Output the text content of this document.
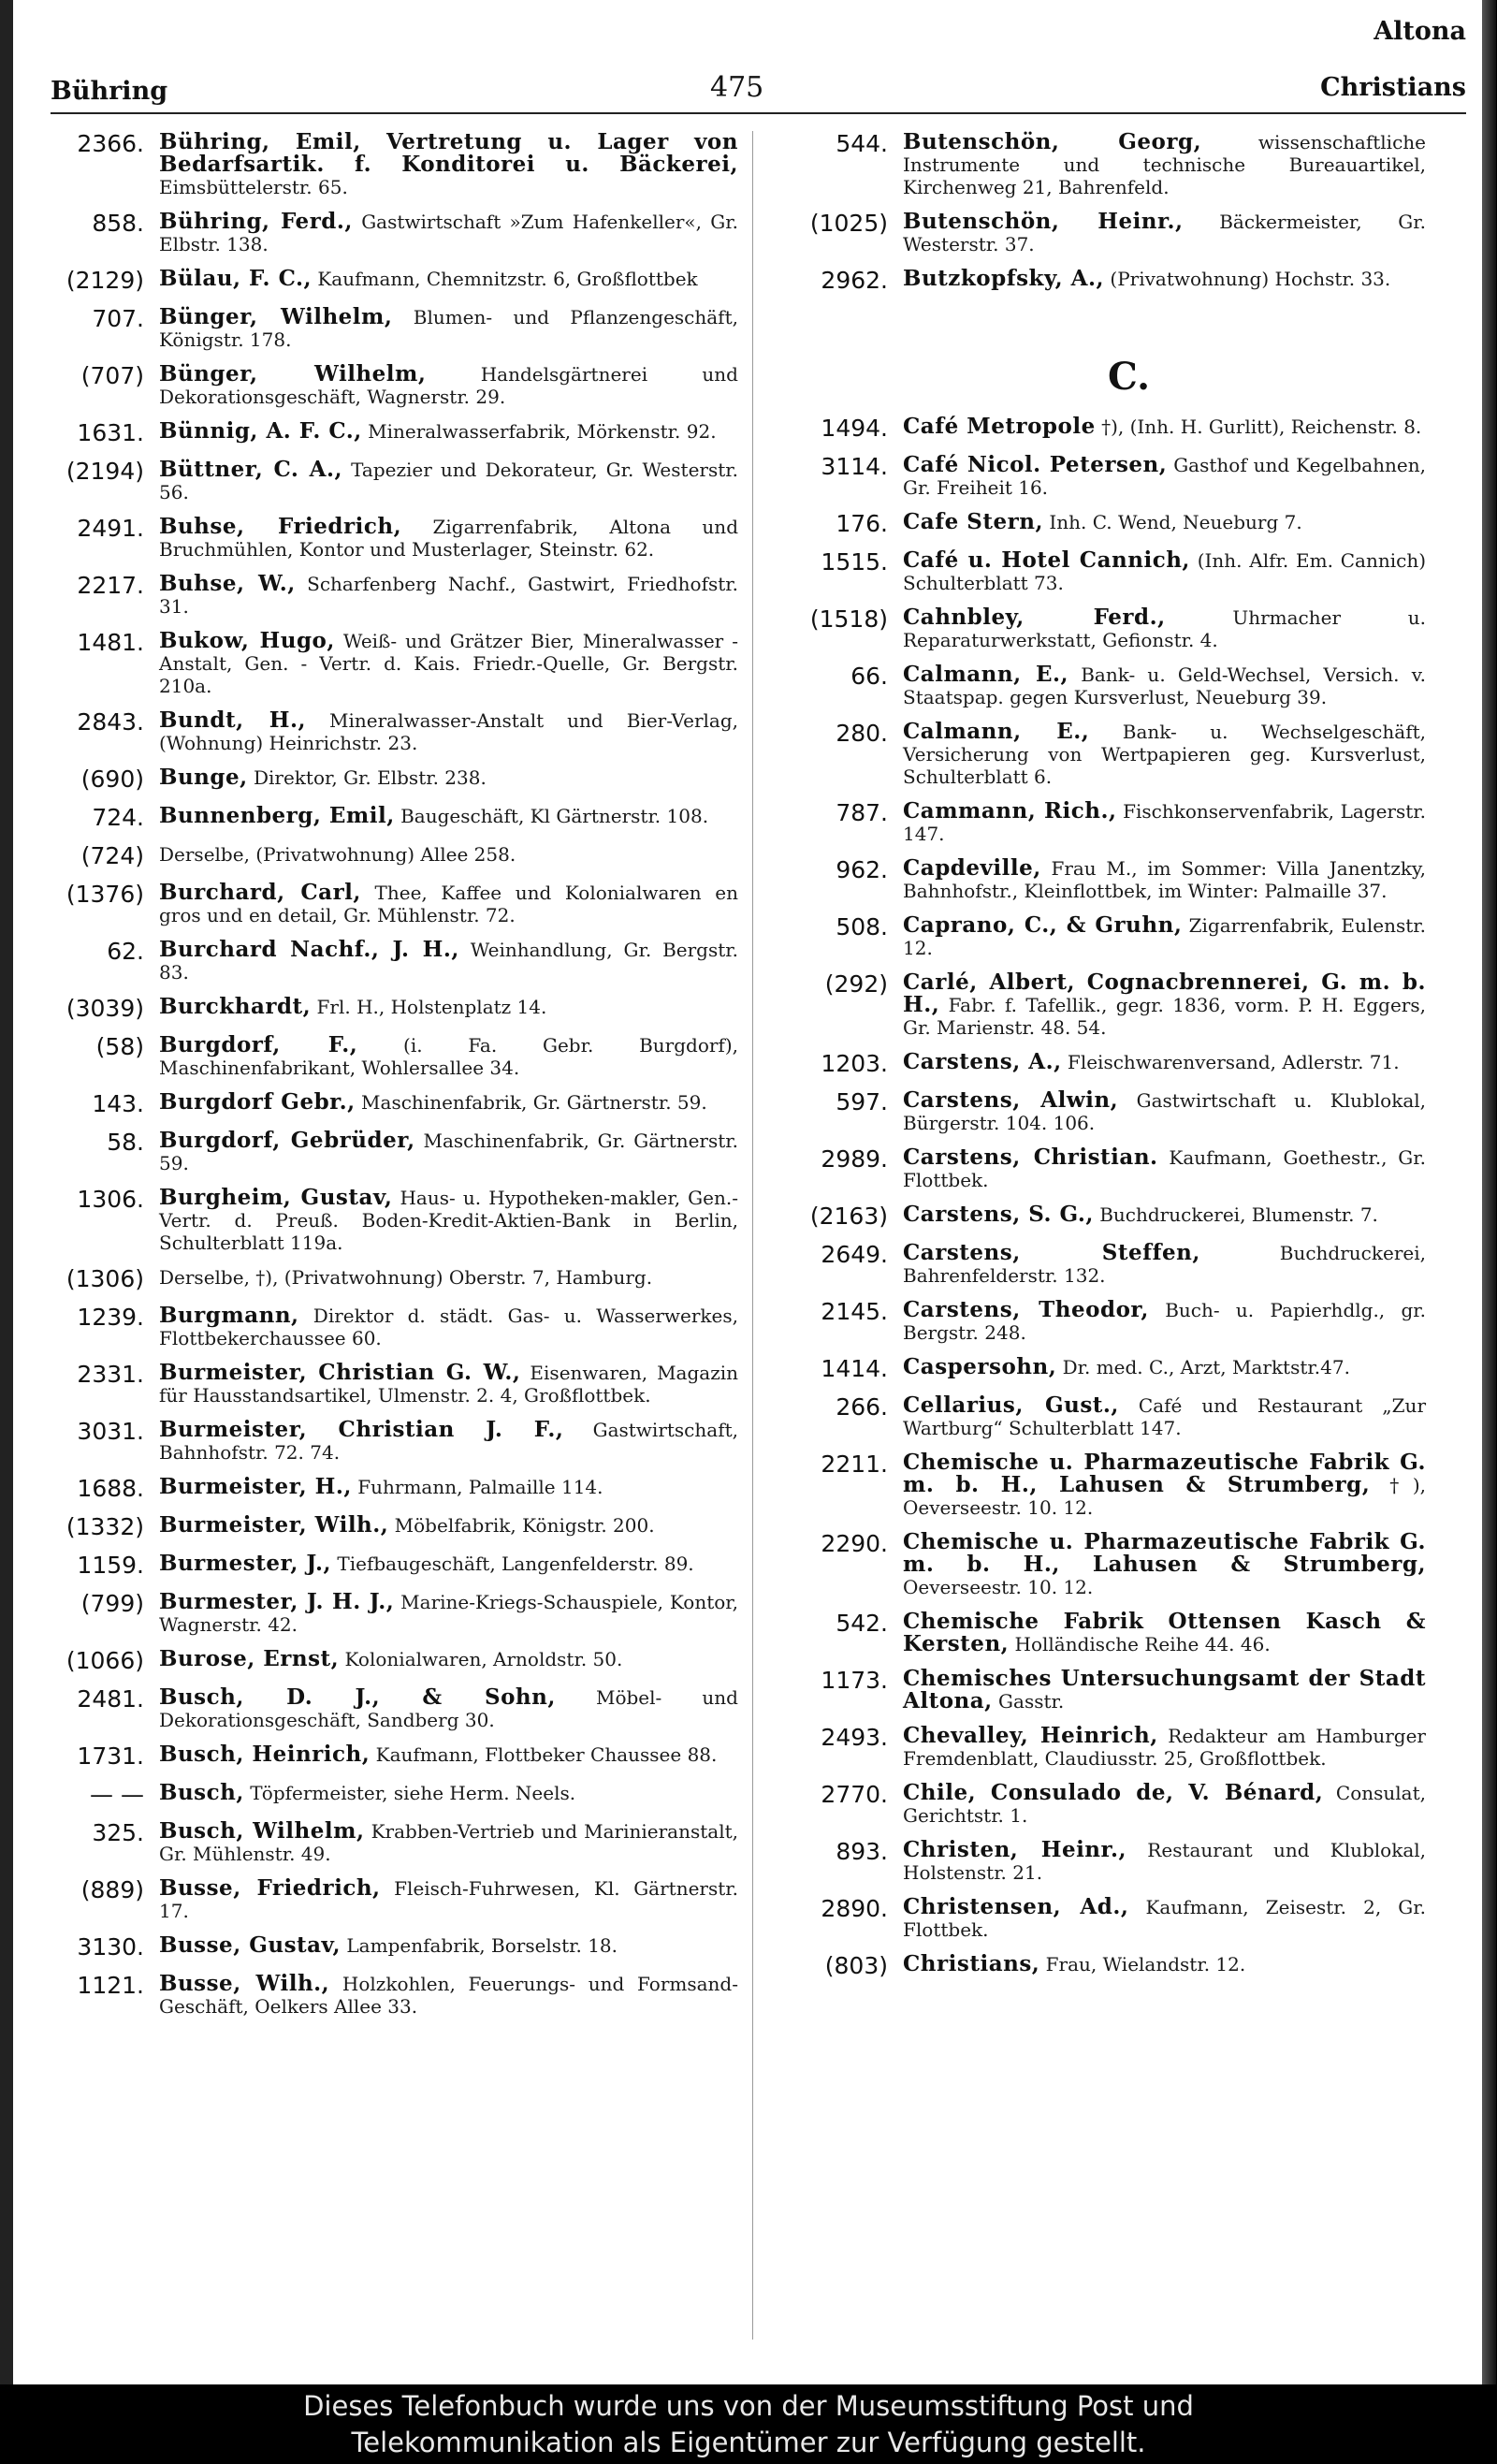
Bühring	475
Altona
Christians
2366. Bühring, Emil, Vertretung u. Lager von Bedarfsartik. f. Konditorei u. Bäckerei, Eimsbüttelerstr. 65.
858. Bühring, Ferd., Gastwirtschaft »Zum Hafenkeller«, Gr. Elbstr. 138.
(2129) Bülau, F. C., Kaufmann, Chemnitzstr. 6, Großflottbek
707. Bünger, Wilhelm, Blumen- und Pflanzengeschäft, Königstr. 178.
(707) Bünger, Wilhelm, Handelsgärtnerei und Dekorationsgeschäft, Wagnerstr. 29.
1631. Bünnig, A. F. C., Mineralwasserfabrik, Mörkenstr. 92.
(2194) Büttner, C. A., Tapezier und Dekorateur, Gr. Westerstr. 56.
2491. Buhse, Friedrich, Zigarrenfabrik, Altona und Bruchmühlen, Kontor und Musterlager, Steinstr. 62.
2217. Buhse, W., Scharfenberg Nachf., Gastwirt, Friedhofstr. 31.
1481. Bukow, Hugo, Weiß- und Grätzer Bier, Mineralwasser - Anstalt, Gen. - Vertr. d. Kais. Friedr.-Quelle, Gr. Bergstr. 210a.
2843. Bundt, H., Mineralwasser-Anstalt und Bier-Verlag, (Wohnung) Heinrichstr. 23.
(690) Bunge, Direktor, Gr. Elbstr. 238.
724. Bunnenberg, Emil, Baugeschäft, Kl Gärtnerstr. 108.
(724) Derselbe, (Privatwohnung) Allee 258.
(1376) Burchard, Carl, Thee, Kaffee und Kolonialwaren en gros und en detail, Gr. Mühlenstr. 72.
62. Burchard Nachf., J. H., Weinhandlung, Gr. Bergstr. 83.
(3039) Burckhardt, Frl. H., Holstenplatz 14.
(58) Burgdorf, F., (i. Fa. Gebr. Burgdorf), Maschinenfabrikant, Wohlersallee 34.
143. Burgdorf Gebr., Maschinenfabrik, Gr. Gärtnerstr. 59.
58. Burgdorf, Gebrüder, Maschinenfabrik, Gr. Gärtnerstr. 59.
1306. Burgheim, Gustav, Haus- u. Hypotheken-makler, Gen.-Vertr. d. Preuß. Boden-Kredit-Aktien-Bank in Berlin, Schulterblatt 119a.
(1306) Derselbe, †), (Privatwohnung) Oberstr. 7, Hamburg.
1239. Burgmann, Direktor d. städt. Gas- u. Wasserwerkes, Flottbekerchaussee 60.
2331. Burmeister, Christian G. W., Eisenwaren, Magazin für Hausstandsartikel, Ulmenstr. 2. 4, Großflottbek.
3031. Burmeister, Christian J. F., Gastwirtschaft, Bahnhofstr. 72. 74.
1688. Burmeister, H., Fuhrmann, Palmaille 114.
(1332) Burmeister, Wilh., Möbelfabrik, Königstr. 200.
1159. Burmester, J., Tiefbaugeschäft, Langenfelderstr. 89.
(799) Burmester, J. H. J., Marine-Kriegs-Schauspiele, Kontor, Wagnerstr. 42.
(1066) Burose, Ernst, Kolonialwaren, Arnoldstr. 50.
2481. Busch, D. J., & Sohn, Möbel- und Dekorationsgeschäft, Sandberg 30.
1731. Busch, Heinrich, Kaufmann, Flottbeker Chaussee 88.
— — Busch, Töpfermeister, siehe Herm. Neels.
325. Busch, Wilhelm, Krabben-Vertrieb und Marinieranstalt, Gr. Mühlenstr. 49.
(889) Busse, Friedrich, Fleisch-Fuhrwesen, Kl. Gärtnerstr. 17.
3130. Busse, Gustav, Lampenfabrik, Borselstr. 18.
1121. Busse, Wilh., Holzkohlen, Feuerungs- und Formsand-Geschäft, Oelkers Allee 33.
544. Butenschön, Georg, wissenschaftliche Instrumente und technische Bureauartikel, Kirchenweg 21, Bahrenfeld.
(1025) Butenschön, Heinr., Bäckermeister, Gr. Westerstr. 37.
2962. Butzkopfsky, A., (Privatwohnung) Hochstr. 33.
C.
1494. Café Metropole †), (Inh. H. Gurlitt), Reichenstr. 8.
3114. Café Nicol. Petersen, Gasthof und Kegelbahnen, Gr. Freiheit 16.
176. Cafe Stern, Inh. C. Wend, Neueburg 7.
1515. Café u. Hotel Cannich, (Inh. Alfr. Em. Cannich) Schulterblatt 73.
(1518) Cahnbley, Ferd., Uhrmacher u. Reparaturwerkstatt, Gefionstr. 4.
66. Calmann, E., Bank- u. Geld-Wechsel, Versich. v. Staatspap. gegen Kursverlust, Neueburg 39.
280. Calmann, E., Bank- u. Wechselgeschäft, Versicherung von Wertpapieren geg. Kursverlust, Schulterblatt 6.
787. Cammann, Rich., Fischkonservenfabrik, Lagerstr. 147.
962. Capdeville, Frau M., im Sommer: Villa Janentzky, Bahnhofstr., Kleinflottbek, im Winter: Palmaille 37.
508. Caprano, C., & Gruhn, Zigarrenfabrik, Eulenstr. 12.
(292) Carlé, Albert, Cognacbrennerei, G. m. b. H., Fabr. f. Tafellik., gegr. 1836, vorm. P. H. Eggers, Gr. Marienstr. 48. 54.
1203. Carstens, A., Fleischwarenversand, Adlerstr. 71.
597. Carstens, Alwin, Gastwirtschaft u. Klublokal, Bürgerstr. 104. 106.
2989. Carstens, Christian. Kaufmann, Goethestr., Gr. Flottbek.
(2163) Carstens, S. G., Buchdruckerei, Blumenstr. 7.
2649. Carstens, Steffen, Buchdruckerei, Bahrenfelderstr. 132.
2145. Carstens, Theodor, Buch- u. Papierhdlg., gr. Bergstr. 248.
1414. Caspersohn, Dr. med. C., Arzt, Marktstr.47.
266. Cellarius, Gust., Café und Restaurant „Zur Wartburg“ Schulterblatt 147.
2211. Chemische u. Pharmazeutische Fabrik G. m. b. H., Lahusen & Strumberg, †), Oeverseestr. 10. 12.
2290. Chemische u. Pharmazeutische Fabrik G. m. b. H., Lahusen & Strumberg, Oeverseestr. 10. 12.
542. Chemische Fabrik Ottensen Kasch & Kersten, Holländische Reihe 44. 46.
1173. Chemisches Untersuchungsamt der Stadt Altona, Gasstr.
2493. Chevalley, Heinrich, Redakteur am Hamburger Fremdenblatt, Claudiusstr. 25, Großflottbek.
2770. Chile, Consulado de, V. Bénard, Consulat, Gerichtstr. 1.
893. Christen, Heinr., Restaurant und Klublokal, Holstenstr. 21.
2890. Christensen, Ad., Kaufmann, Zeisestr. 2, Gr. Flottbek.
(803) Christians, Frau, Wielandstr. 12.
Dieses Telefonbuch wurde uns von der Museumsstiftung Post und
Telekommunikation als Eigentümer zur Verfügung gestellt.
